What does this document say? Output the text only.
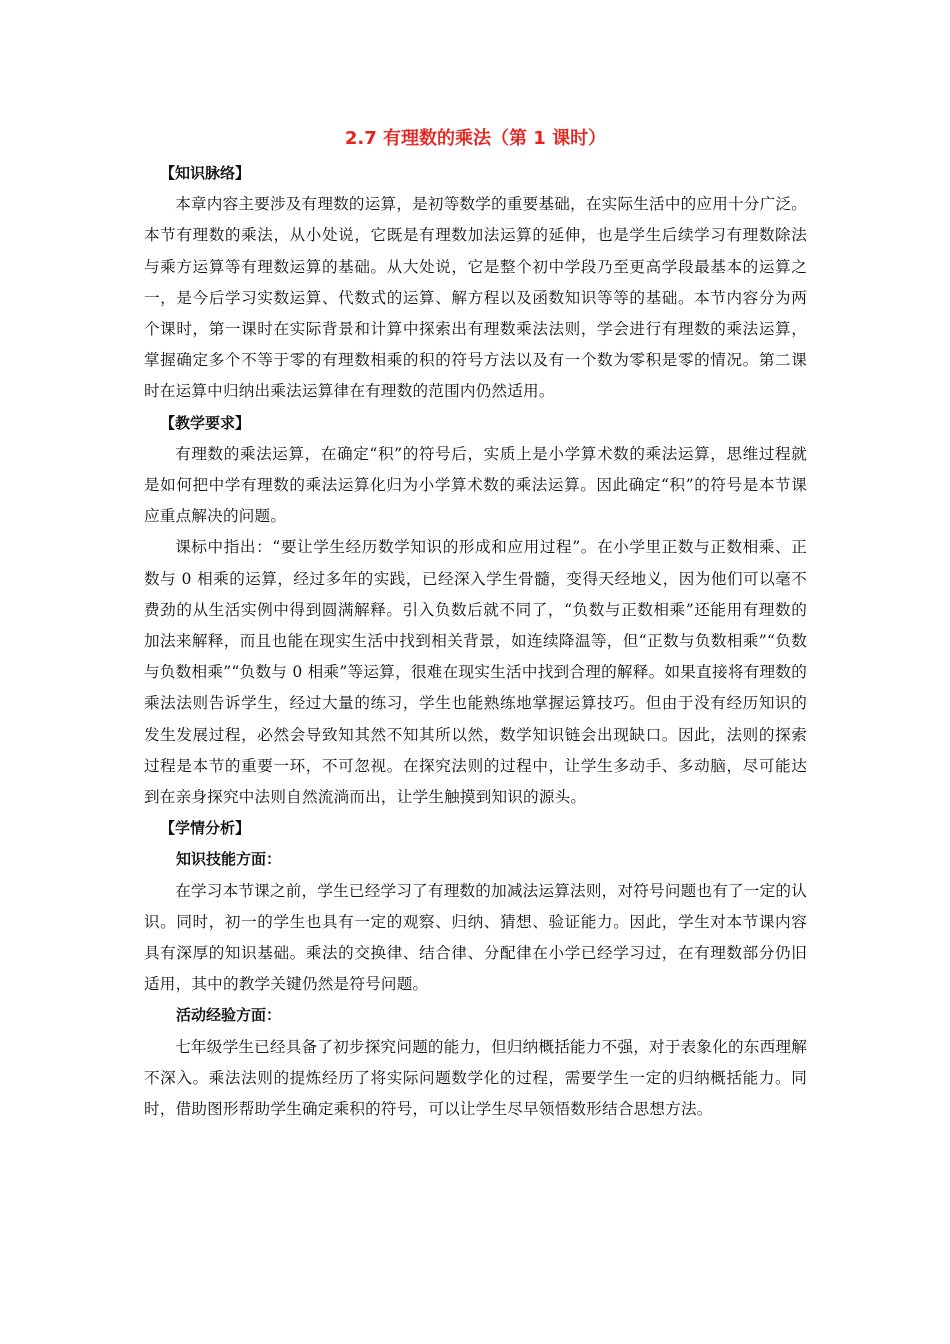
2.7 有理数的乘法（第 1 课时）
【知识脉络】

本章内容主要涉及有理数的运算，是初等数学的重要基础，在实际生活中的应用十分广泛。本节有理数的乘法，从小处说，它既是有理数加法运算的延伸，也是学生后续学习有理数除法与乘方运算等有理数运算的基础。从大处说，它是整个初中学段乃至更高学段最基本的运算之一，是今后学习实数运算、代数式的运算、解方程以及函数知识等等的基础。本节内容分为两个课时，第一课时在实际背景和计算中探索出有理数乘法法则，学会进行有理数的乘法运算，掌握确定多个不等于零的有理数相乘的积的符号方法以及有一个数为零积是零的情况。第二课时在运算中归纳出乘法运算律在有理数的范围内仍然适用。

【教学要求】

有理数的乘法运算，在确定“积”的符号后，实质上是小学算术数的乘法运算，思维过程就是如何把中学有理数的乘法运算化归为小学算术数的乘法运算。因此确定“积”的符号是本节课应重点解决的问题。

课标中指出：“要让学生经历数学知识的形成和应用过程”。在小学里正数与正数相乘、正数与 0 相乘的运算，经过多年的实践，已经深入学生骨髓，变得天经地义，因为他们可以毫不费劲的从生活实例中得到圆满解释。引入负数后就不同了，“负数与正数相乘”还能用有理数的加法来解释，而且也能在现实生活中找到相关背景，如连续降温等，但“正数与负数相乘”“负数与负数相乘”“负数与 0 相乘”等运算，很难在现实生活中找到合理的解释。如果直接将有理数的乘法法则告诉学生，经过大量的练习，学生也能熟练地掌握运算技巧。但由于没有经历知识的发生发展过程，必然会导致知其然不知其所以然，数学知识链会出现缺口。因此，法则的探索过程是本节的重要一环，不可忽视。在探究法则的过程中，让学生多动手、多动脑，尽可能达到在亲身探究中法则自然流淌而出，让学生触摸到知识的源头。

【学情分析】
知识技能方面：

在学习本节课之前，学生已经学习了有理数的加减法运算法则，对符号问题也有了一定的认识。同时，初一的学生也具有一定的观察、归纳、猜想、验证能力。因此，学生对本节课内容具有深厚的知识基础。乘法的交换律、结合律、分配律在小学已经学习过，在有理数部分仍旧适用，其中的教学关键仍然是符号问题。

活动经验方面：

七年级学生已经具备了初步探究问题的能力，但归纳概括能力不强，对于表象化的东西理解不深入。乘法法则的提炼经历了将实际问题数学化的过程，需要学生一定的归纳概括能力。同时，借助图形帮助学生确定乘积的符号，可以让学生尽早领悟数形结合思想方法。
